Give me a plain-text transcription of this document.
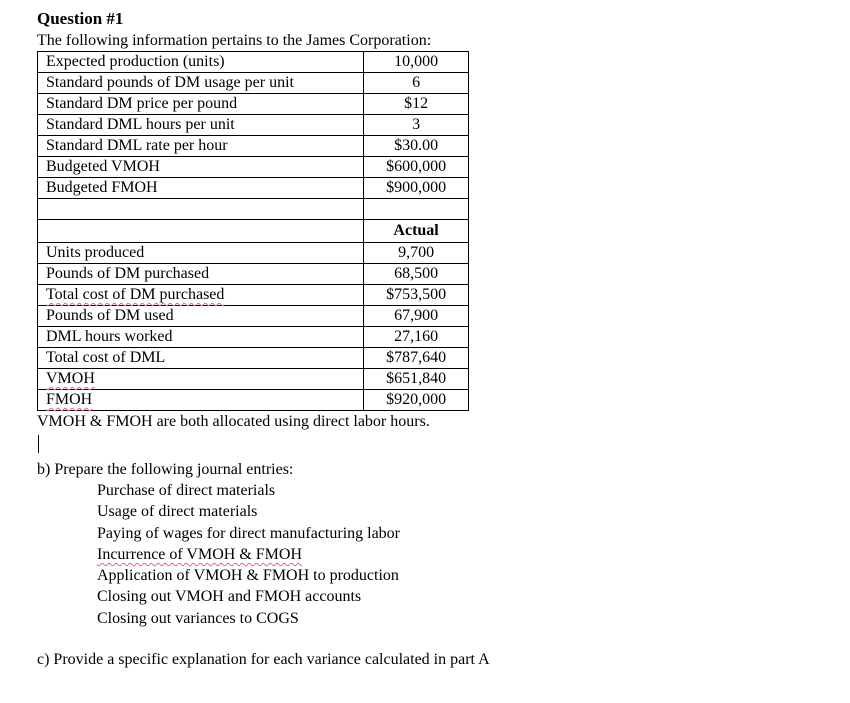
Question #1
The following information pertains to the James Corporation:
Expected production (units)	10,000
Standard pounds of DM usage per unit	6
Standard DM price per pound	$12
Standard DML hours per unit	3
Standard DML rate per hour	$30.00
Budgeted VMOH	$600,000
Budgeted FMOH	$900,000

	Actual
Units produced	9,700
Pounds of DM purchased	68,500
Total cost of DM purchased	$753,500
Pounds of DM used	67,900
DML hours worked	27,160
Total cost of DML	$787,640
VMOH	$651,840
FMOH	$920,000
VMOH & FMOH are both allocated using direct labor hours.
b) Prepare the following journal entries:
Purchase of direct materials
Usage of direct materials
Paying of wages for direct manufacturing labor
Incurrence of VMOH & FMOH
Application of VMOH & FMOH to production
Closing out VMOH and FMOH accounts
Closing out variances to COGS
c) Provide a specific explanation for each variance calculated in part A
